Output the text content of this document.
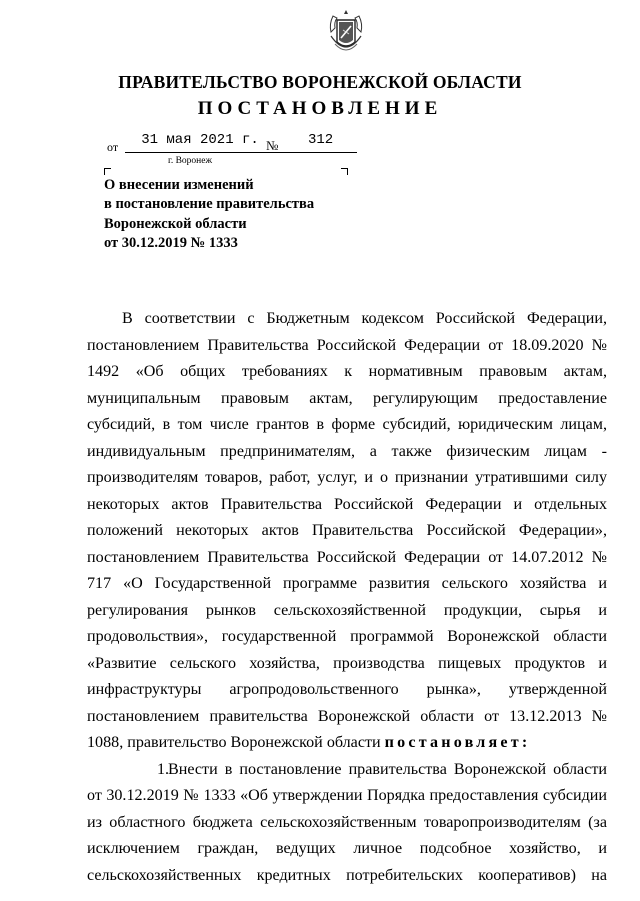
ПРАВИТЕЛЬСТВО ВОРОНЕЖСКОЙ ОБЛАСТИ
ПОСТАНОВЛЕНИЕ
от	31 мая 2021 г. №	312
г. Воронеж
О внесении изменений
в постановление правительства
Воронежской области
от 30.12.2019 № 1333

В соответствии с Бюджетным кодексом Российской Федерации, постановлением Правительства Российской Федерации от 18.09.2020 № 1492 «Об общих требованиях к нормативным правовым актам, муниципальным правовым актам, регулирующим предоставление субсидий, в том числе грантов в форме субсидий, юридическим лицам, индивидуальным предпринимателям, а также физическим лицам - производителям товаров, работ, услуг, и о признании утратившими силу некоторых актов Правительства Российской Федерации и отдельных положений некоторых актов Правительства Российской Федерации», постановлением Правительства Российской Федерации от 14.07.2012 № 717 «О Государственной программе развития сельского хозяйства и регулирования рынков сельскохозяйственной продукции, сырья и продовольствия», государственной программой Воронежской области «Развитие сельского хозяйства, производства пищевых продуктов и инфраструктуры агропродовольственного рынка», утвержденной постановлением правительства Воронежской области от 13.12.2013 № 1088, правительство Воронежской области постановляет:

1.Внести в постановление правительства Воронежской области от 30.12.2019 № 1333 «Об утверждении Порядка предоставления субсидии из областного бюджета сельскохозяйственным товаропроизводителям (за исключением граждан, ведущих личное подсобное хозяйство, и сельскохозяйственных кредитных потребительских кооперативов) на
